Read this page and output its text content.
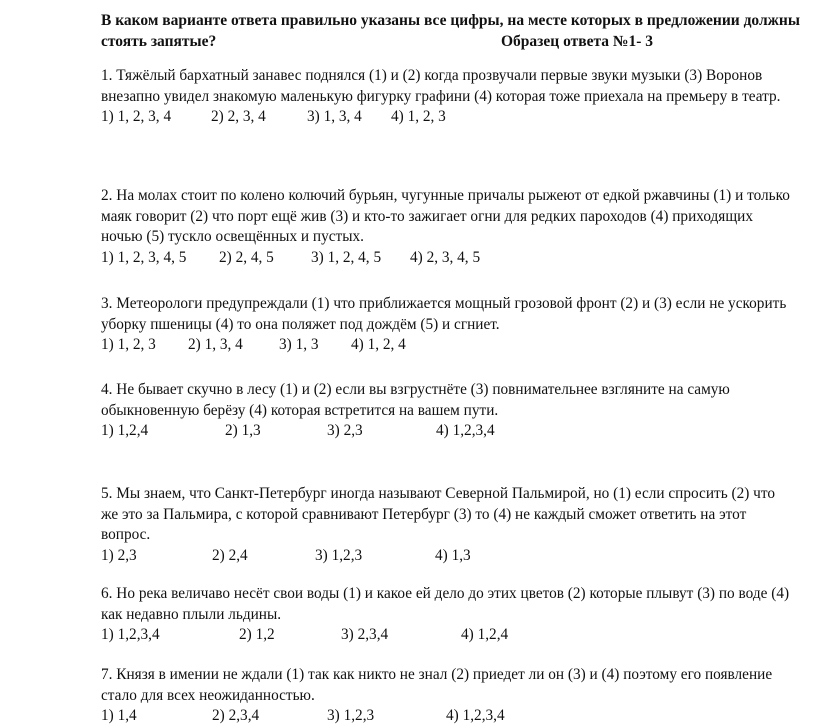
В каком варианте ответа правильно указаны все цифры, на месте которых в предложении должны стоять запятые?	Образец ответа №1- 3
1. Тяжёлый бархатный занавес поднялся (1) и (2) когда прозвучали первые звуки музыки (3) Воронов внезапно увидел знакомую маленькую фигурку графини (4) которая тоже приехала на премьеру в театр.
1) 1, 2, 3, 4	2) 2, 3, 4	3) 1, 3, 4 4) 1, 2, 3
2. На молах стоит по колено колючий бурьян, чугунные причалы рыжеют от едкой ржавчины (1) и только маяк говорит (2) что порт ещё жив (3) и кто-то зажигает огни для редких пароходов (4) приходящих ночью (5) тускло освещённых и пустых.
1) 1, 2, 3, 4, 5 2) 2, 4, 5 3) 1, 2, 4, 5 4) 2, 3, 4, 5
3. Метеорологи предупреждали (1) что приближается мощный грозовой фронт (2) и (3) если не ускорить уборку пшеницы (4) то она поляжет под дождём (5) и сгниет.
1) 1, 2, 3 2) 1, 3, 4 3) 1, 3 4) 1, 2, 4
4. Не бывает скучно в лесу (1) и (2) если вы взгрустнёте (3) повнимательнее взгляните на самую обыкновенную берёзу (4) которая встретится на вашем пути.
1) 1,2,4	2) 1,3	3) 2,3	4) 1,2,3,4
5. Мы знаем, что Санкт-Петербург иногда называют Северной Пальмирой, но (1) если спросить (2) что же это за Пальмира, с которой сравнивают Петербург (3) то (4) не каждый сможет ответить на этот вопрос.
1) 2,3	2) 2,4	3) 1,2,3	4) 1,3
6. Но река величаво несёт свои воды (1) и какое ей дело до этих цветов (2) которые плывут (3) по воде (4) как недавно плыли льдины.
1) 1,2,3,4	2) 1,2	3) 2,3,4	4) 1,2,4
7. Князя в имении не ждали (1) так как никто не знал (2) приедет ли он (3) и (4) поэтому его появление стало для всех неожиданностью.
1) 1,4	2) 2,3,4	3) 1,2,3	4) 1,2,3,4
